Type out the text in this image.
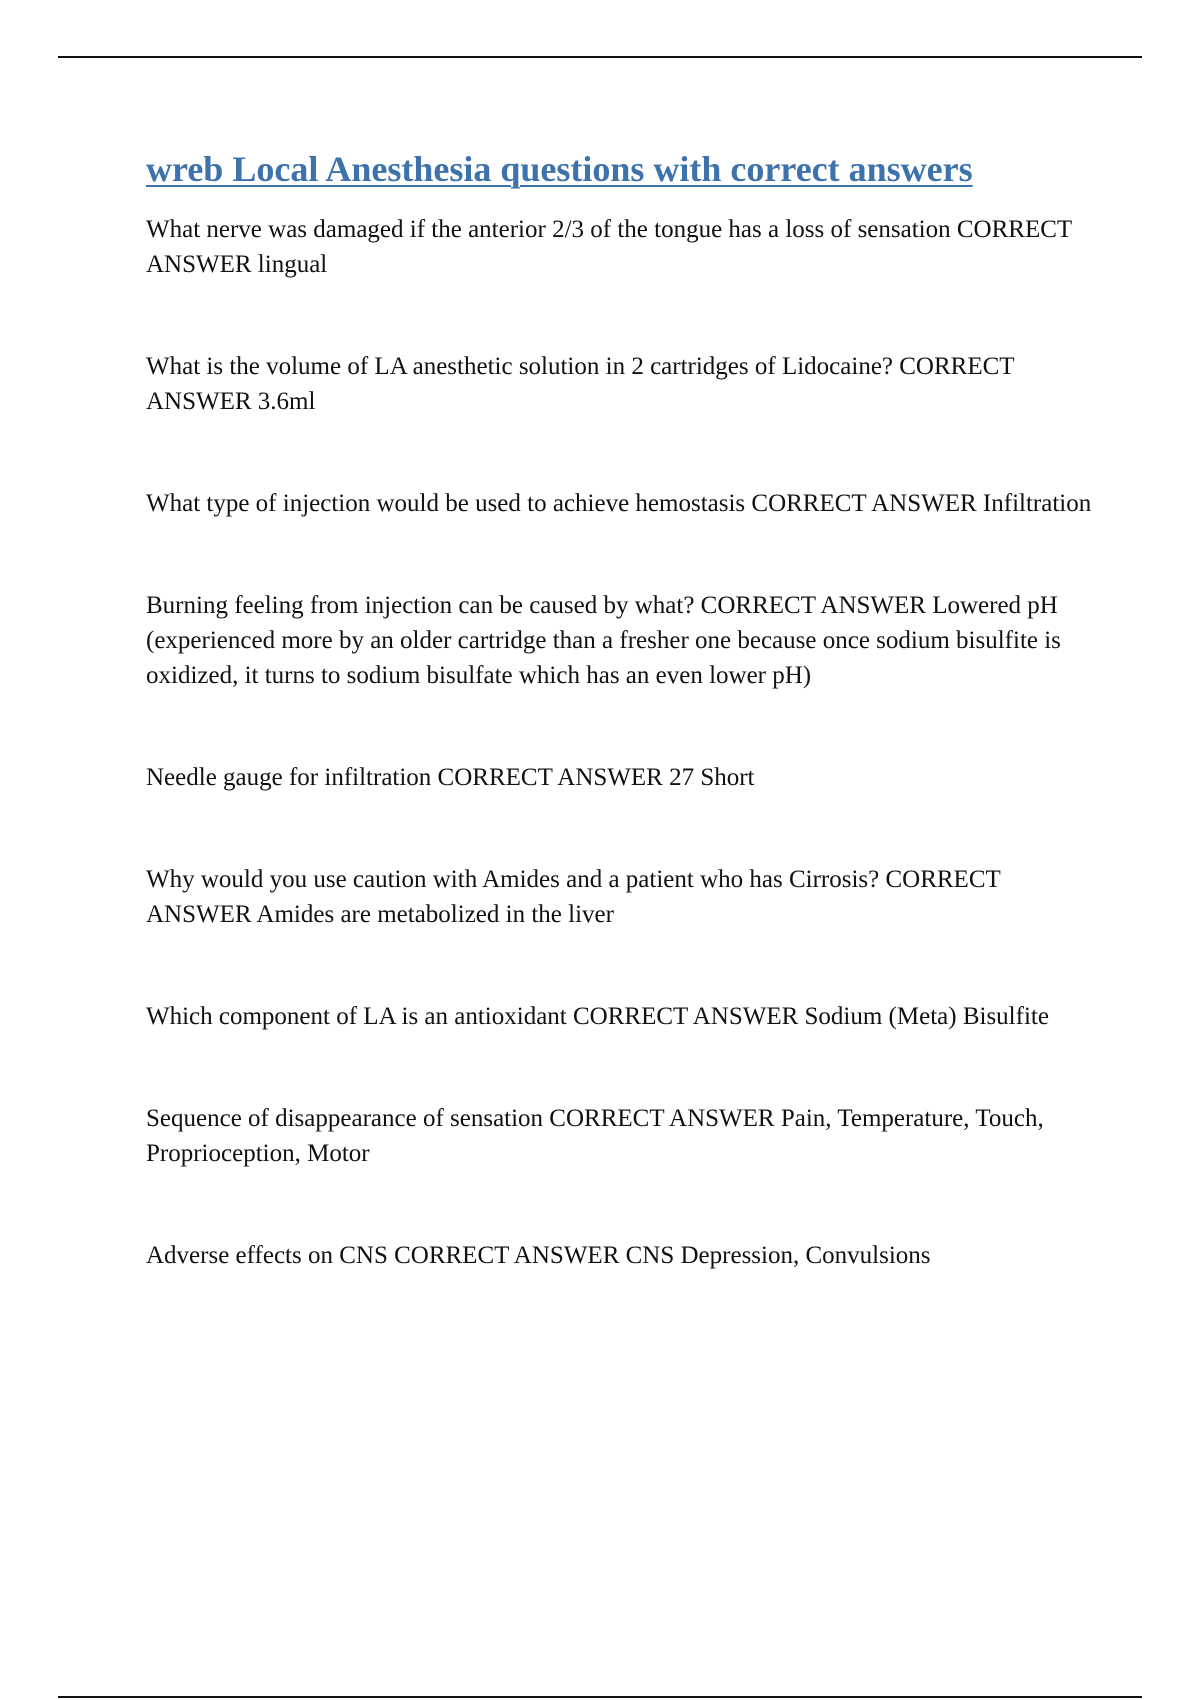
wreb Local Anesthesia questions with correct answers
What nerve was damaged if the anterior 2/3 of the tongue has a loss of sensation CORRECT ANSWER lingual
What is the volume of LA anesthetic solution in 2 cartridges of Lidocaine? CORRECT ANSWER 3.6ml
What type of injection would be used to achieve hemostasis CORRECT ANSWER Infiltration
Burning feeling from injection can be caused by what? CORRECT ANSWER Lowered pH (experienced more by an older cartridge than a fresher one because once sodium bisulfite is oxidized, it turns to sodium bisulfate which has an even lower pH)
Needle gauge for infiltration CORRECT ANSWER 27 Short
Why would you use caution with Amides and a patient who has Cirrosis? CORRECT ANSWER Amides are metabolized in the liver
Which component of LA is an antioxidant CORRECT ANSWER Sodium (Meta) Bisulfite
Sequence of disappearance of sensation CORRECT ANSWER Pain, Temperature, Touch, Proprioception, Motor
Adverse effects on CNS CORRECT ANSWER CNS Depression, Convulsions
